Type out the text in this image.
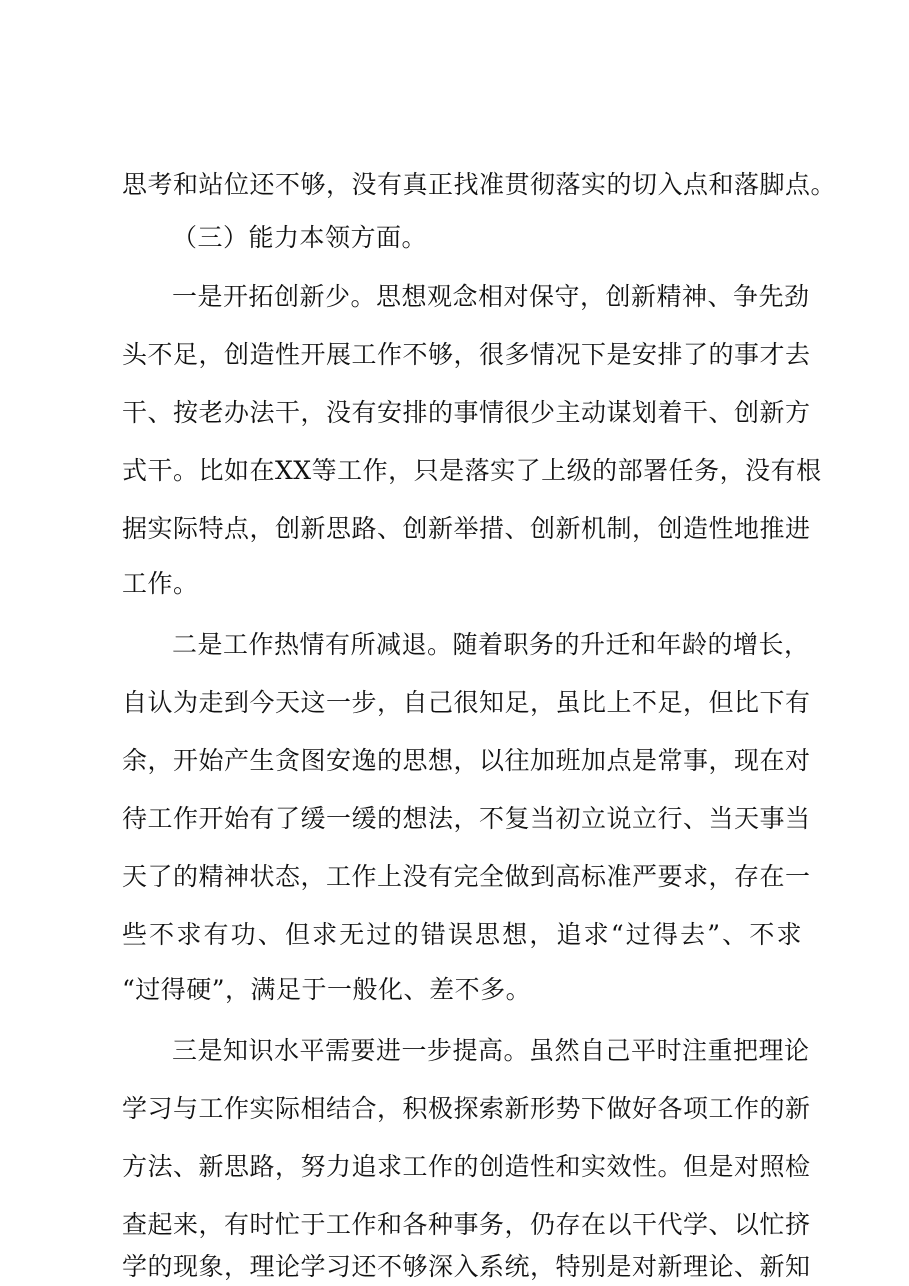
思考和站位还不够，没有真正找准贯彻落实的切入点和落脚点。
（三）能力本领方面。
一是开拓创新少。思想观念相对保守，创新精神、争先劲
头不足，创造性开展工作不够，很多情况下是安排了的事才去
干、按老办法干，没有安排的事情很少主动谋划着干、创新方
式干。比如在XX等工作，只是落实了上级的部署任务，没有根
据实际特点，创新思路、创新举措、创新机制，创造性地推进
工作。
二是工作热情有所减退。随着职务的升迁和年龄的增长，
自认为走到今天这一步，自己很知足，虽比上不足，但比下有
余，开始产生贪图安逸的思想，以往加班加点是常事，现在对
待工作开始有了缓一缓的想法，不复当初立说立行、当天事当
天了的精神状态，工作上没有完全做到高标准严要求，存在一
些不求有功、但求无过的错误思想，追求“过得去”、不求
“过得硬”，满足于一般化、差不多。
三是知识水平需要进一步提高。虽然自己平时注重把理论
学习与工作实际相结合，积极探索新形势下做好各项工作的新
方法、新思路，努力追求工作的创造性和实效性。但是对照检
查起来，有时忙于工作和各种事务，仍存在以干代学、以忙挤
学的现象，理论学习还不够深入系统，特别是对新理论、新知
